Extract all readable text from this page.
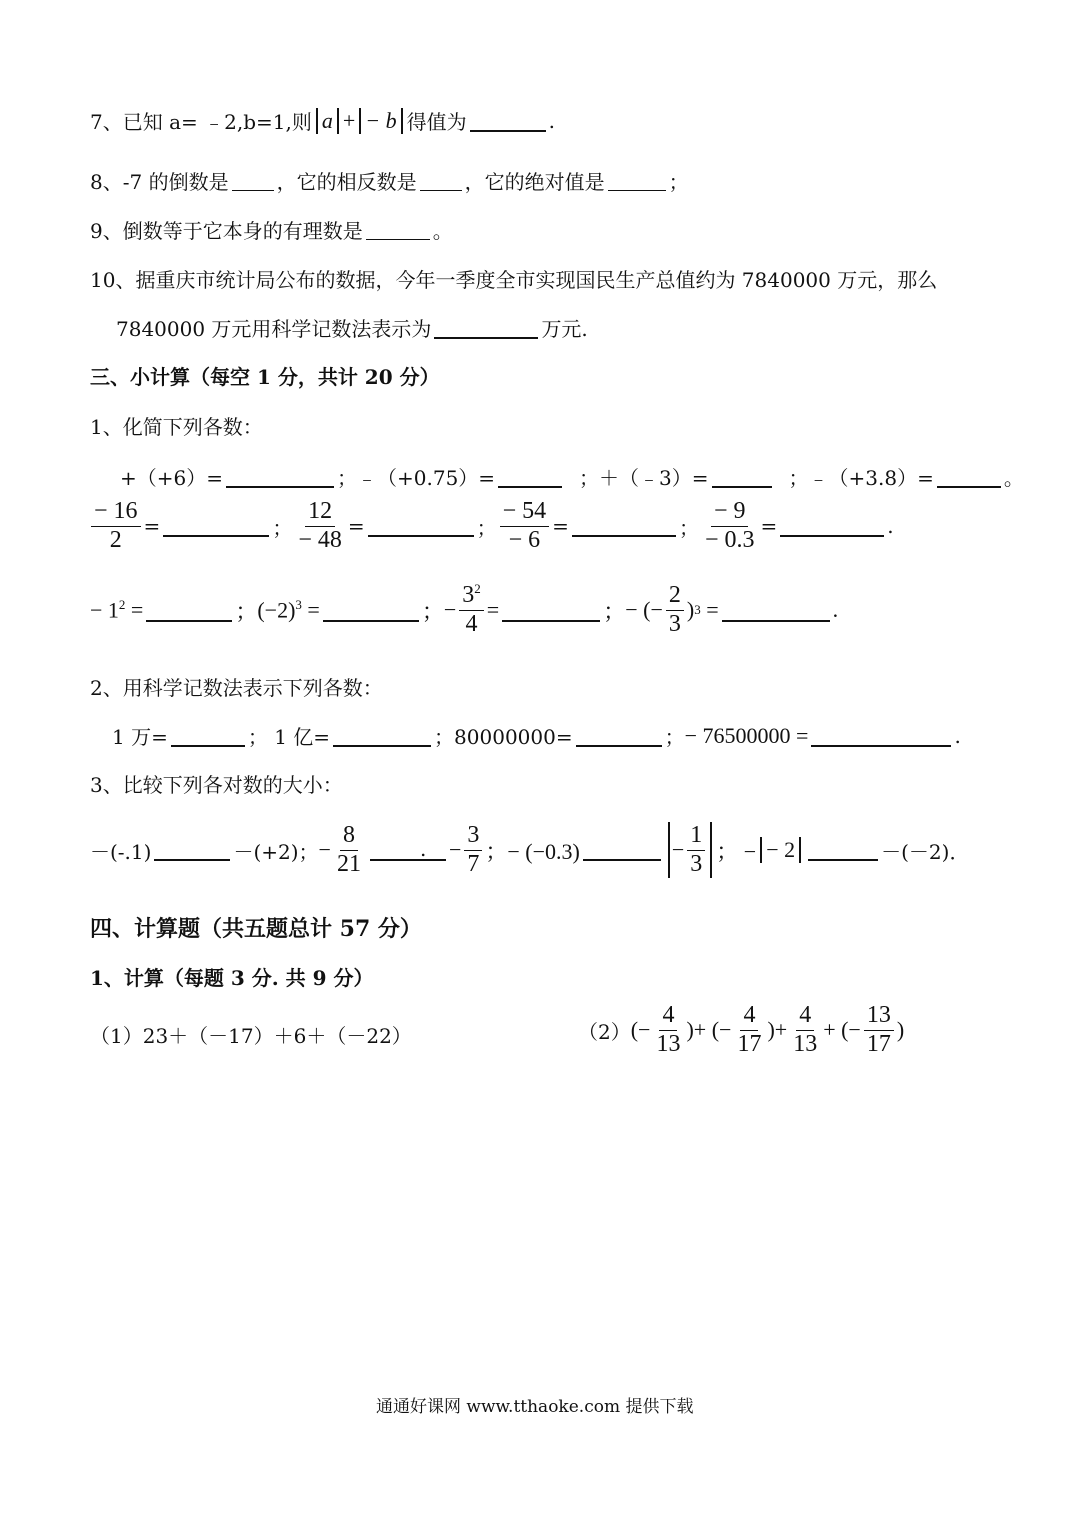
7、已知 a= ﹣2,b=1,则 a + − b 得值为	.
8、-7 的倒数是 ，它的相反数是 ，它的绝对值是	；
9、倒数等于它本身的有理数是	。
10、据重庆市统计局公布的数据，今年一季度全市实现国民生产总值约为 7840000 万元，那么
7840000 万元用科学记数法表示为	万元.
三、小计算（每空 1 分，共计 20 分）
1、化简下列各数：
+（+6）=	；﹣（+0.75）=	；＋（﹣3）=	；﹣（+3.8）=	。
$\frac{- 16}{2}$ =	； $\frac{12}{- 48}$ =	； $\frac{- 54}{- 6}$ =	； $\frac{- 9}{- 0.3}$ =	.
− $1^2$ =	； $(-2)^3$ =	； − $\frac{3^2}{4}$ =	； − (− $\frac{2}{3}$ ) 3 =	.
2、用科学记数法表示下列各数：
1 万=	； 1 亿=	；80000000=	； − 76500000 =	.
3、比较下列各对数的大小：
－(-.1)	－(+2)； − $\frac{8}{21}$	. − $\frac{3}{7}$ ；− (−0.3)	− $\frac{1}{3}$ ； − − 2	－(－2)．
四、计算题（共五题总计 57 分）
1、计算（每题 3 分. 共 9 分）
（1）23＋（－17）＋6＋（－22）	（2） (− $\frac{4}{13}$ ) + (− $\frac{4}{17}$ ) + $\frac{4}{13}$ + (− $\frac{13}{17}$ )
通通好课网 www.tthaoke.com 提供下载
